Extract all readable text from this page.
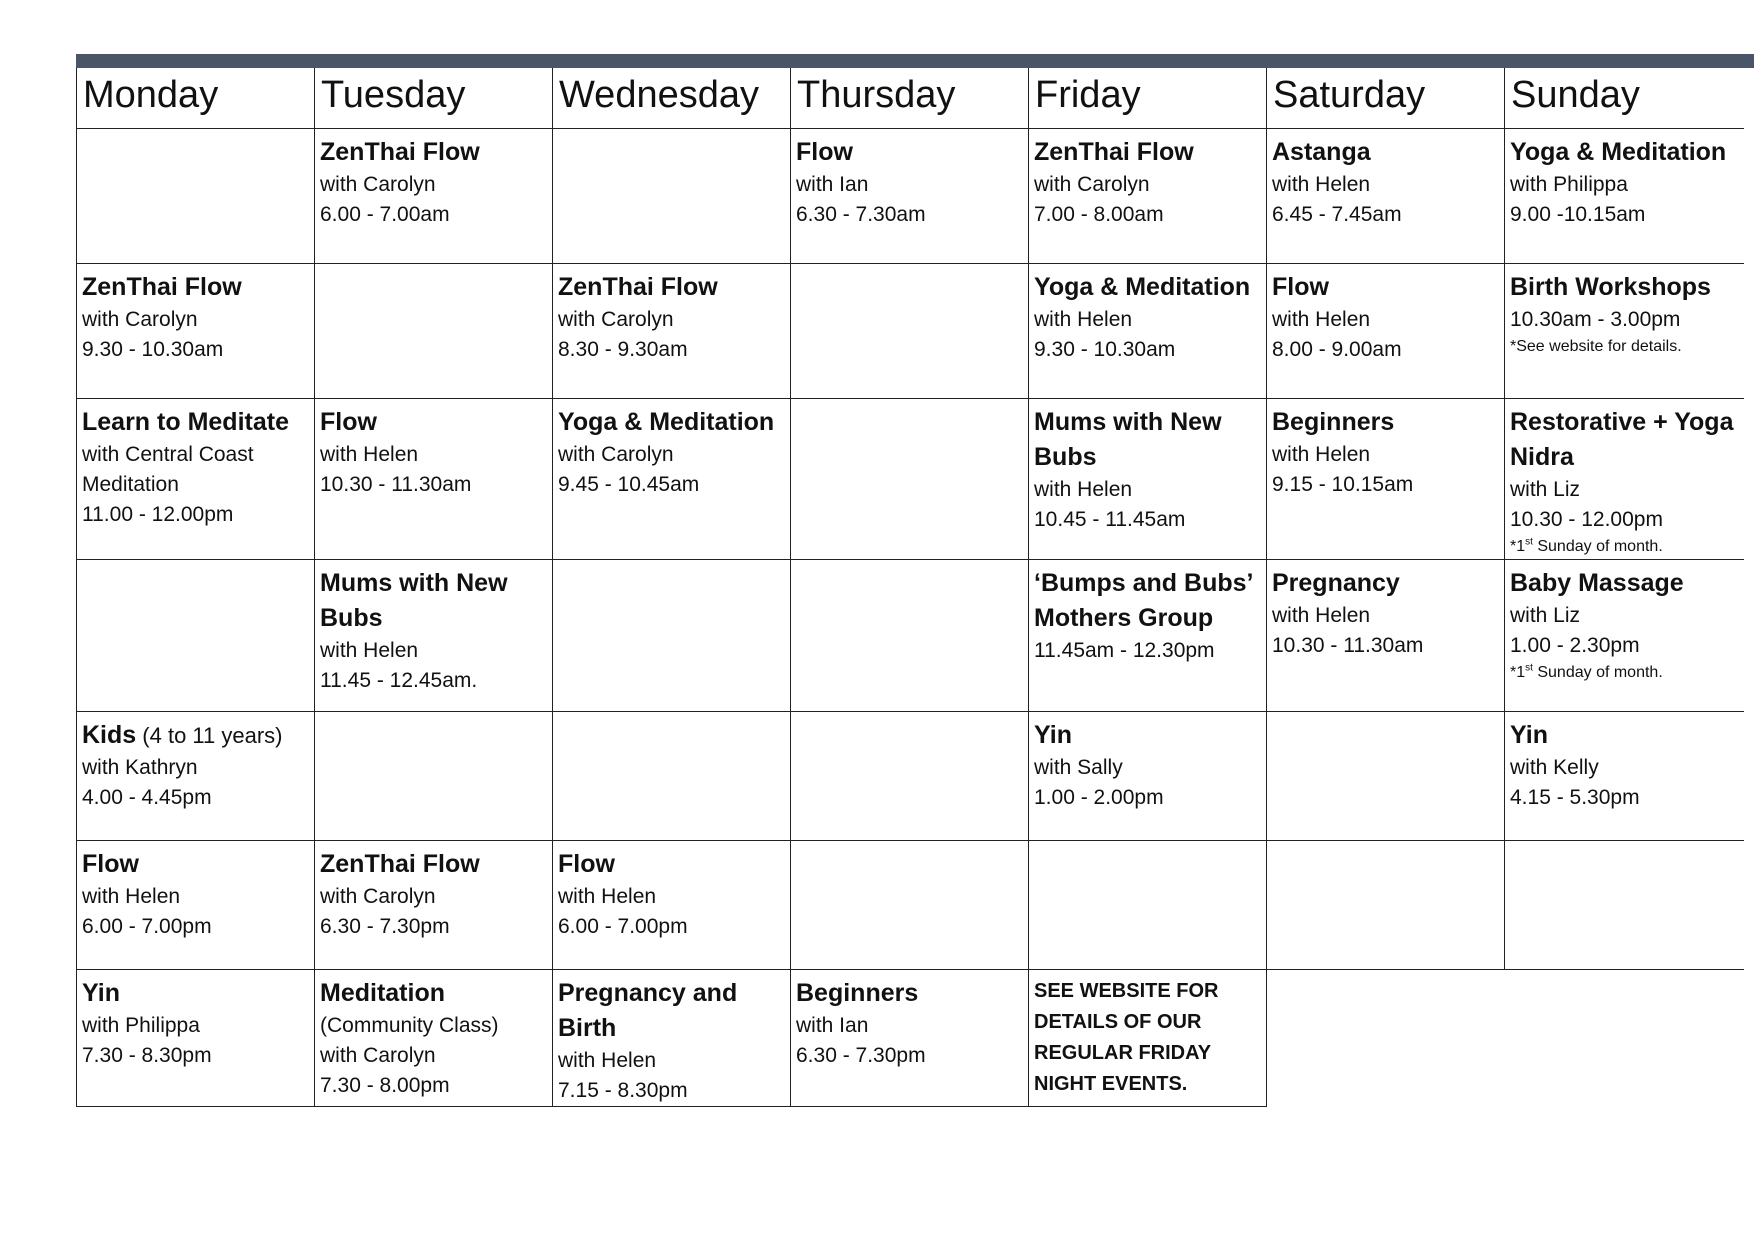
Monday	Tuesday	Wednesday	Thursday	Friday	Saturday	Sunday

	ZenThai Flow
with Carolyn
6.00 - 7.00am		Flow
with Ian
6.30 - 7.30am	ZenThai Flow
with Carolyn
7.00 - 8.00am	Astanga
with Helen
6.45 - 7.45am	Yoga & Meditation
with Philippa
9.00 -10.15am

ZenThai Flow
with Carolyn
9.30 - 10.30am		ZenThai Flow
with Carolyn
8.30 - 9.30am		Yoga & Meditation
with Helen
9.30 - 10.30am	Flow
with Helen
8.00 - 9.00am	Birth Workshops
10.30am - 3.00pm
*See website for details.

Learn to Meditate
with Central Coast
Meditation
11.00 - 12.00pm	Flow
with Helen
10.30 - 11.30am	Yoga & Meditation
with Carolyn
9.45 - 10.45am		Mums with New Bubs
with Helen
10.45 - 11.45am	Beginners
with Helen
9.15 - 10.15am	Restorative + Yoga Nidra
with Liz
10.30 - 12.00pm
*1st Sunday of month.

	Mums with New Bubs
with Helen
11.45 - 12.45am.			‘Bumps and Bubs’ Mothers Group
11.45am - 12.30pm	Pregnancy
with Helen
10.30 - 11.30am	Baby Massage
with Liz
1.00 - 2.30pm
*1st Sunday of month.

Kids (4 to 11 years)
with Kathryn
4.00 - 4.45pm				Yin
with Sally
1.00 - 2.00pm		Yin
with Kelly
4.15 - 5.30pm

Flow
with Helen
6.00 - 7.00pm	ZenThai Flow
with Carolyn
6.30 - 7.30pm	Flow
with Helen
6.00 - 7.00pm				

Yin
with Philippa
7.30 - 8.30pm	Meditation
(Community Class)
with Carolyn
7.30 - 8.00pm	Pregnancy and Birth
with Helen
7.15 - 8.30pm	Beginners
with Ian
6.30 - 7.30pm	SEE WEBSITE FOR DETAILS OF OUR REGULAR FRIDAY NIGHT EVENTS.		
